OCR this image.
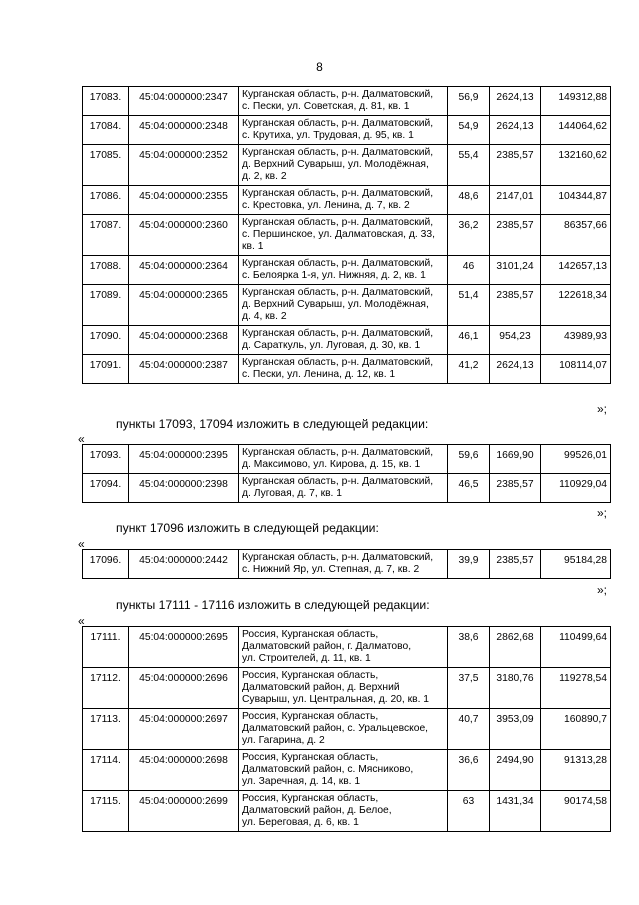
8
17083.	45:04:000000:2347	Курганская область, р-н. Далматовский,
с. Пески, ул. Советская, д. 81, кв. 1	56,9	2624,13	149312,88
17084.	45:04:000000:2348	Курганская область, р-н. Далматовский,
с. Крутиха, ул. Трудовая, д. 95, кв. 1	54,9	2624,13	144064,62
17085.	45:04:000000:2352	Курганская область, р-н. Далматовский,
д. Верхний Суварыш, ул. Молодёжная,
д. 2, кв. 2	55,4	2385,57	132160,62
17086.	45:04:000000:2355	Курганская область, р-н. Далматовский,
с. Крестовка, ул. Ленина, д. 7, кв. 2	48,6	2147,01	104344,87
17087.	45:04:000000:2360	Курганская область, р-н. Далматовский,
с. Першинское, ул. Далматовская, д. 33,
кв. 1	36,2	2385,57	86357,66
17088.	45:04:000000:2364	Курганская область, р-н. Далматовский,
с. Белоярка 1-я, ул. Нижняя, д. 2, кв. 1	46	3101,24	142657,13
17089.	45:04:000000:2365	Курганская область, р-н. Далматовский,
д. Верхний Суварыш, ул. Молодёжная,
д. 4, кв. 2	51,4	2385,57	122618,34
17090.	45:04:000000:2368	Курганская область, р-н. Далматовский,
д. Сараткуль, ул. Луговая, д. 30, кв. 1	46,1	954,23	43989,93
17091.	45:04:000000:2387	Курганская область, р-н. Далматовский,
с. Пески, ул. Ленина, д. 12, кв. 1	41,2	2624,13	108114,07
»;
пункты 17093, 17094 изложить в следующей редакции:
«
17093.	45:04:000000:2395	Курганская область, р-н. Далматовский,
д. Максимово, ул. Кирова, д. 15, кв. 1	59,6	1669,90	99526,01
17094.	45:04:000000:2398	Курганская область, р-н. Далматовский,
д. Луговая, д. 7, кв. 1	46,5	2385,57	110929,04
»;
пункт 17096 изложить в следующей редакции:
«
17096.	45:04:000000:2442	Курганская область, р-н. Далматовский,
с. Нижний Яр, ул. Степная, д. 7, кв. 2
	39,9	2385,57	95184,28
»;
пункты 17111 - 17116 изложить в следующей редакции:
«
17111.	45:04:000000:2695	Россия, Курганская область,
Далматовский район, г. Далматово,
ул. Строителей, д. 11, кв. 1	38,6	2862,68	110499,64
17112.	45:04:000000:2696	Россия, Курганская область,
Далматовский район, д. Верхний
Суварыш, ул. Центральная, д. 20, кв. 1	37,5	3180,76	119278,54
17113.	45:04:000000:2697	Россия, Курганская область,
Далматовский район, с. Уральцевское,
ул. Гагарина, д. 2	40,7	3953,09	160890,7
17114.	45:04:000000:2698	Россия, Курганская область,
Далматовский район, с. Мясниково,
ул. Заречная, д. 14, кв. 1	36,6	2494,90	91313,28
17115.	45:04:000000:2699	Россия, Курганская область,
Далматовский район, д. Белое,
ул. Береговая, д. 6, кв. 1	63	1431,34	90174,58
